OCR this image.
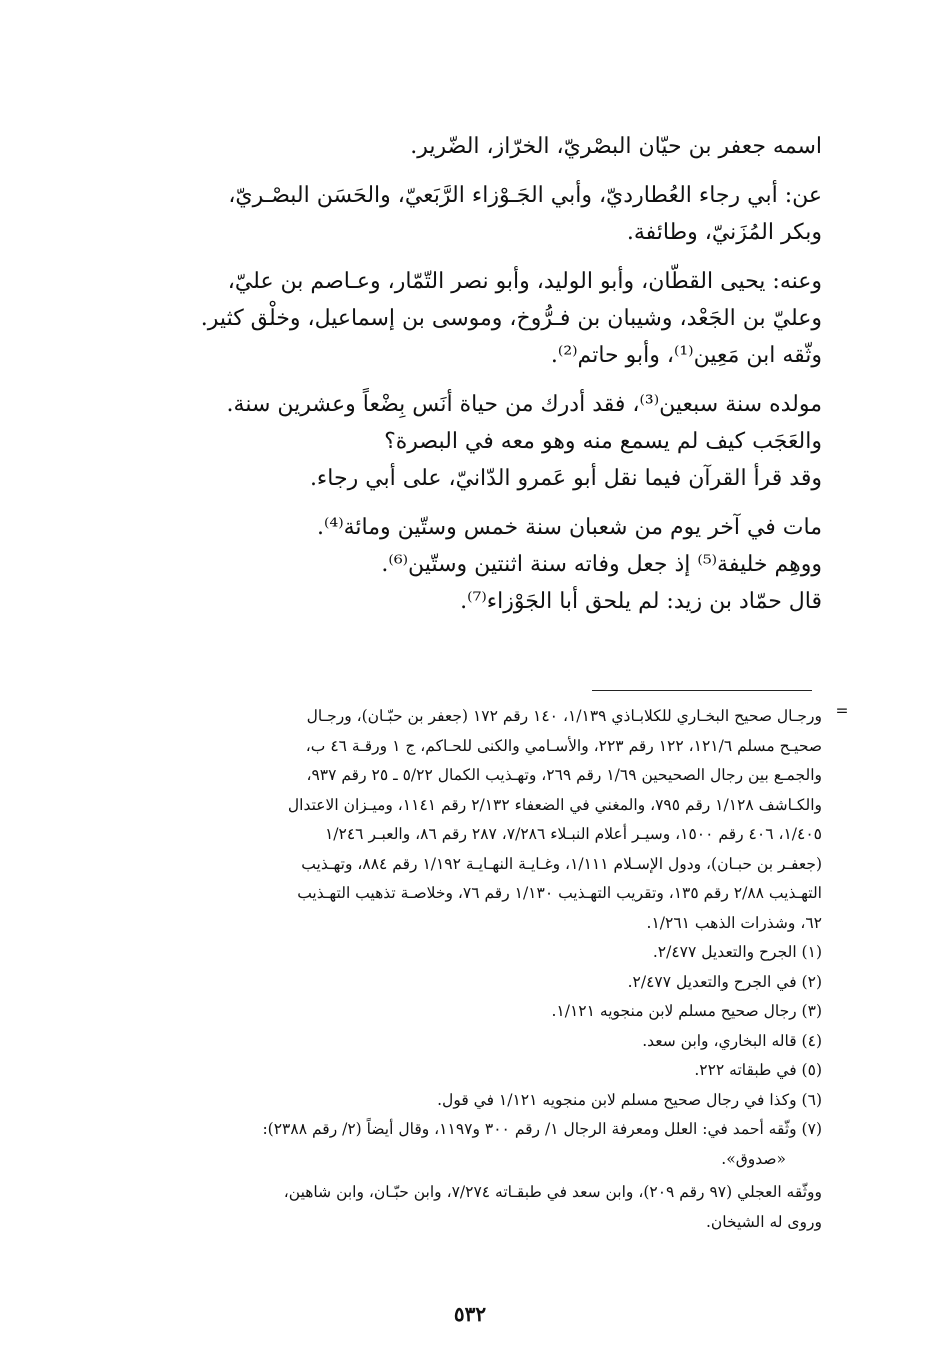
اسمه جعفر بن حيّان البصْريّ، الخرّاز، الضّرير.
عن: أبي رجاء العُطارديّ، وأبي الجَـوْزاء الرَّبَعيّ، والحَسَن البصْـريّ،
وبكر المُزَنيّ، وطائفة.
وعنه: يحيى القطّان، وأبو الوليد، وأبو نصر التّمّار، وعـاصم بن عليّ،
وعليّ بن الجَعْد، وشيبان بن فـرُّوخ، وموسى بن إسماعيل، وخلْق كثير.
وثّقه ابن مَعِين⁽¹⁾، وأبو حاتم⁽²⁾.
مولده سنة سبعين⁽³⁾، فقد أدرك من حياة أنَس بِضْعاً وعشرين سنة.
والعَجَب كيف لم يسمع منه وهو معه في البصرة؟
وقد قرأ القرآن فيما نقل أبو عَمرو الدّانيّ، على أبي رجاء.
مات في آخر يوم من شعبان سنة خمس وستّين ومائة⁽⁴⁾.
ووهِم خليفة⁽⁵⁾ إذ جعل وفاته سنة اثنتين وستّين⁽⁶⁾.
قال حمّاد بن زيد: لم يلحق أبا الجَوْزاء⁽⁷⁾.
=
ورجـال صحيح البخـاري للكلابـاذي ١/١٣٩، ١٤٠ رقم ١٧٢ (جعفر بن حبّـان)، ورجـال
صحيـح مسلم ١٢١/٦، ١٢٢ رقم ٢٢٣، والأسـامي والكنى للحـاكم، ج ١ ورقـة ٤٦ ب،
والجمـع بين رجال الصحيحين ١/٦٩ رقم ٢٦٩، وتهـذيب الكمال ٥/٢٢ ـ ٢٥ رقم ٩٣٧،
والكـاشف ١/١٢٨ رقم ٧٩٥، والمغني في الضعفاء ٢/١٣٢ رقم ١١٤١، وميـزان الاعتدال
١/٤٠٥، ٤٠٦ رقم ١٥٠٠، وسيـر أعلام النبـلاء ٧/٢٨٦، ٢٨٧ رقم ٨٦، والعبـر ١/٢٤٦
(جعفـر بن حبـان)، ودول الإسـلام ١/١١١، وغـايـة النهـايـة ١/١٩٢ رقم ٨٨٤، وتهـذيب
التهـذيب ٢/٨٨ رقم ١٣٥، وتقريب التهـذيب ١/١٣٠ رقم ٧٦، وخلاصـة تذهيب التهـذيب
٦٢، وشذرات الذهب ١/٢٦١.
(١) الجرح والتعديل ٢/٤٧٧.
(٢) في الجرح والتعديل ٢/٤٧٧.
(٣) رجال صحيح مسلم لابن منجويه ١/١٢١.
(٤) قاله البخاري، وابن سعد.
(٥) في طبقاته ٢٢٢.
(٦) وكذا في رجال صحيح مسلم لابن منجويه ١/١٢١ في قول.
(٧) وثّقه أحمد في: العلل ومعرفة الرجال ١/ رقم ٣٠٠ و١١٩٧، وقال أيضاً (٢/ رقم ٢٣٨٨):
«صدوق».
ووثّقه العجلي (٩٧ رقم ٢٠٩)، وابن سعد في طبقـاته ٧/٢٧٤، وابن حبّـان، وابن شاهين،
وروى له الشيخان.
٥٣٢
